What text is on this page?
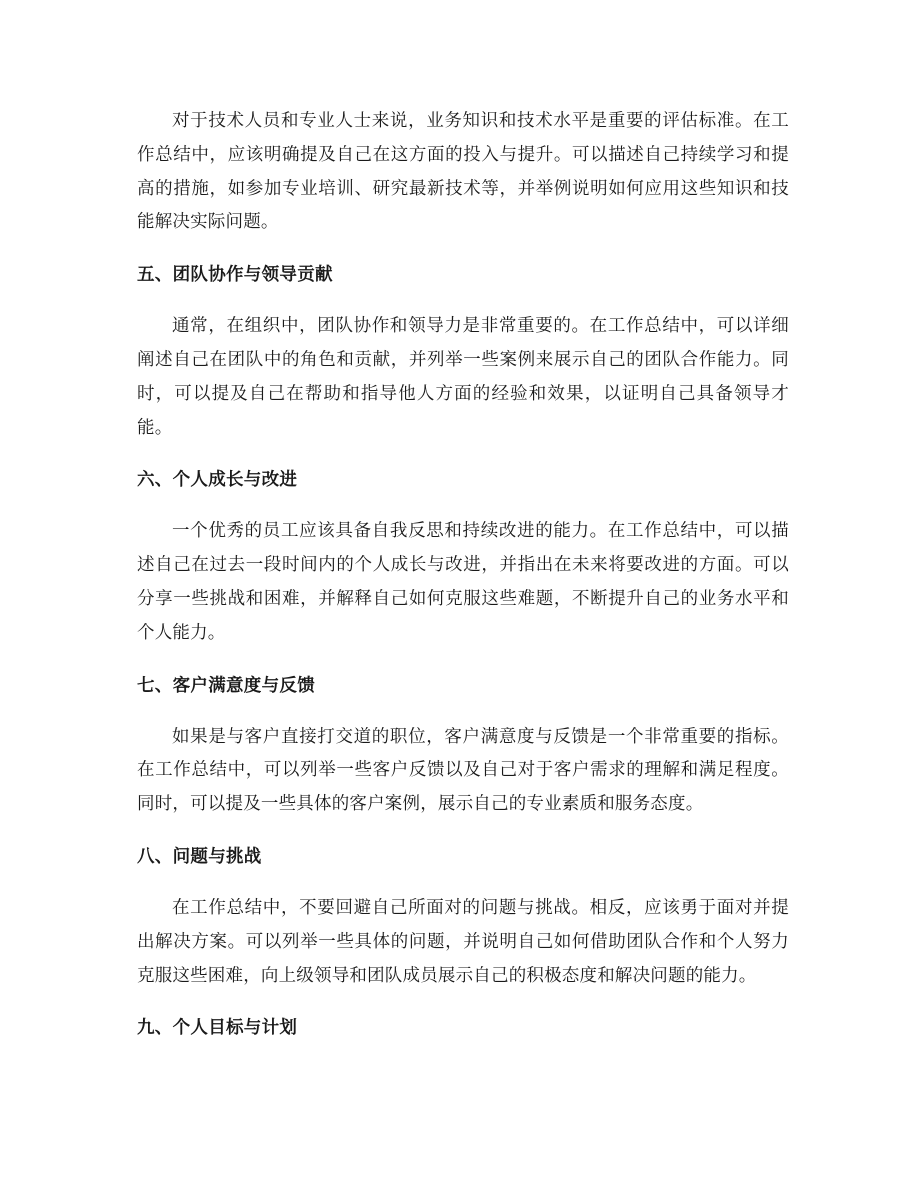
对于技术人员和专业人士来说，业务知识和技术水平是重要的评估标准。在工作总结中，应该明确提及自己在这方面的投入与提升。可以描述自己持续学习和提高的措施，如参加专业培训、研究最新技术等，并举例说明如何应用这些知识和技能解决实际问题。

五、团队协作与领导贡献

通常，在组织中，团队协作和领导力是非常重要的。在工作总结中，可以详细阐述自己在团队中的角色和贡献，并列举一些案例来展示自己的团队合作能力。同时，可以提及自己在帮助和指导他人方面的经验和效果，以证明自己具备领导才能。

六、个人成长与改进

一个优秀的员工应该具备自我反思和持续改进的能力。在工作总结中，可以描述自己在过去一段时间内的个人成长与改进，并指出在未来将要改进的方面。可以分享一些挑战和困难，并解释自己如何克服这些难题，不断提升自己的业务水平和个人能力。

七、客户满意度与反馈

如果是与客户直接打交道的职位，客户满意度与反馈是一个非常重要的指标。在工作总结中，可以列举一些客户反馈以及自己对于客户需求的理解和满足程度。同时，可以提及一些具体的客户案例，展示自己的专业素质和服务态度。

八、问题与挑战

在工作总结中，不要回避自己所面对的问题与挑战。相反，应该勇于面对并提出解决方案。可以列举一些具体的问题，并说明自己如何借助团队合作和个人努力克服这些困难，向上级领导和团队成员展示自己的积极态度和解决问题的能力。

九、个人目标与计划
